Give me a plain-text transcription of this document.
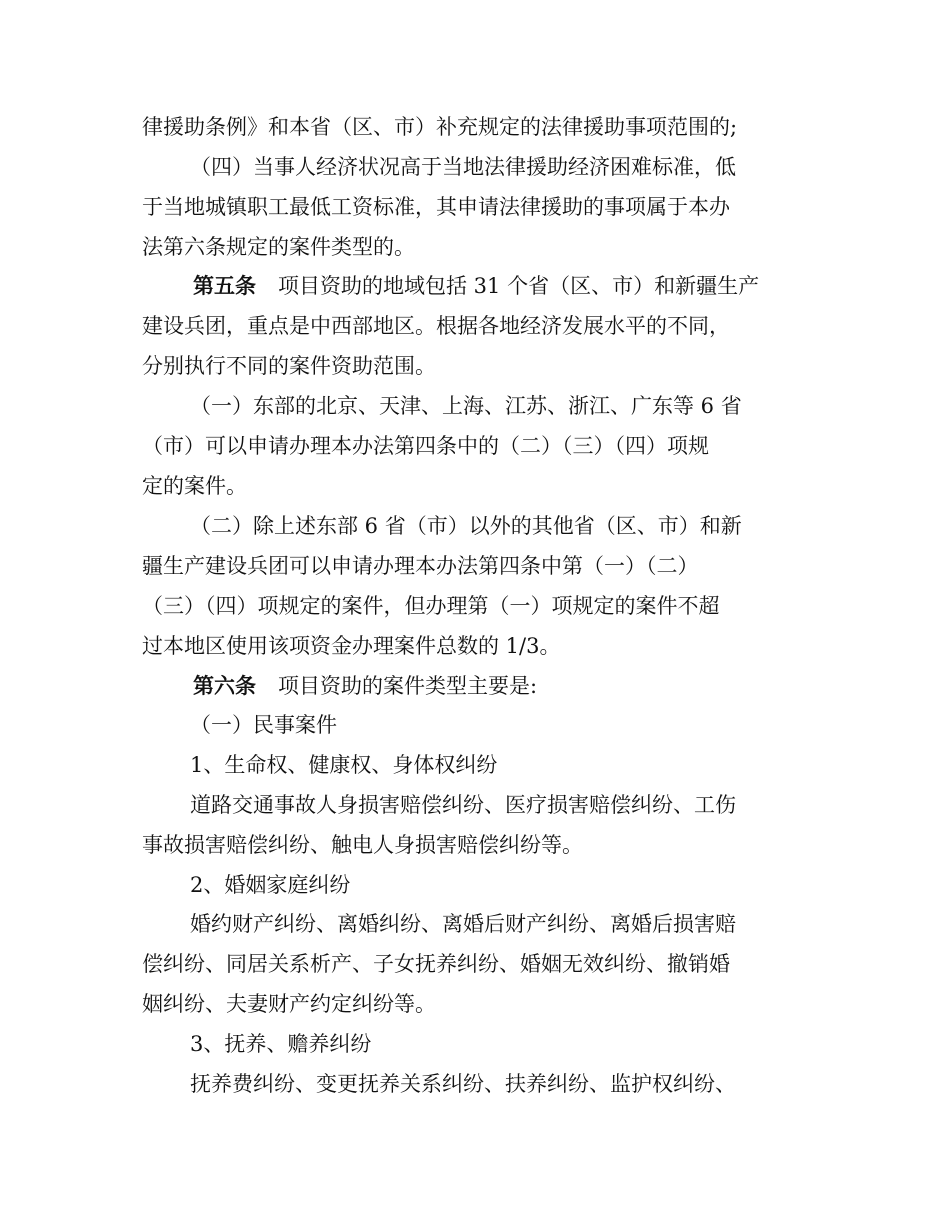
律援助条例》和本省（区、市）补充规定的法律援助事项范围的;
（四）当事人经济状况高于当地法律援助经济困难标准，低
于当地城镇职工最低工资标准，其申请法律援助的事项属于本办
法第六条规定的案件类型的。
第五条 项目资助的地域包括 31 个省（区、市）和新疆生产
建设兵团，重点是中西部地区。根据各地经济发展水平的不同，
分别执行不同的案件资助范围。
（一）东部的北京、天津、上海、江苏、浙江、广东等 6 省
（市）可以申请办理本办法第四条中的（二）（三）（四）项规
定的案件。
（二）除上述东部 6 省（市）以外的其他省（区、市）和新
疆生产建设兵团可以申请办理本办法第四条中第（一）（二）
（三）（四）项规定的案件，但办理第（一）项规定的案件不超
过本地区使用该项资金办理案件总数的 1/3。
第六条 项目资助的案件类型主要是:
（一）民事案件
1、生命权、健康权、身体权纠纷
道路交通事故人身损害赔偿纠纷、医疗损害赔偿纠纷、工伤
事故损害赔偿纠纷、触电人身损害赔偿纠纷等。
2、婚姻家庭纠纷
婚约财产纠纷、离婚纠纷、离婚后财产纠纷、离婚后损害赔
偿纠纷、同居关系析产、子女抚养纠纷、婚姻无效纠纷、撤销婚
姻纠纷、夫妻财产约定纠纷等。
3、抚养、赡养纠纷
抚养费纠纷、变更抚养关系纠纷、扶养纠纷、监护权纠纷、
